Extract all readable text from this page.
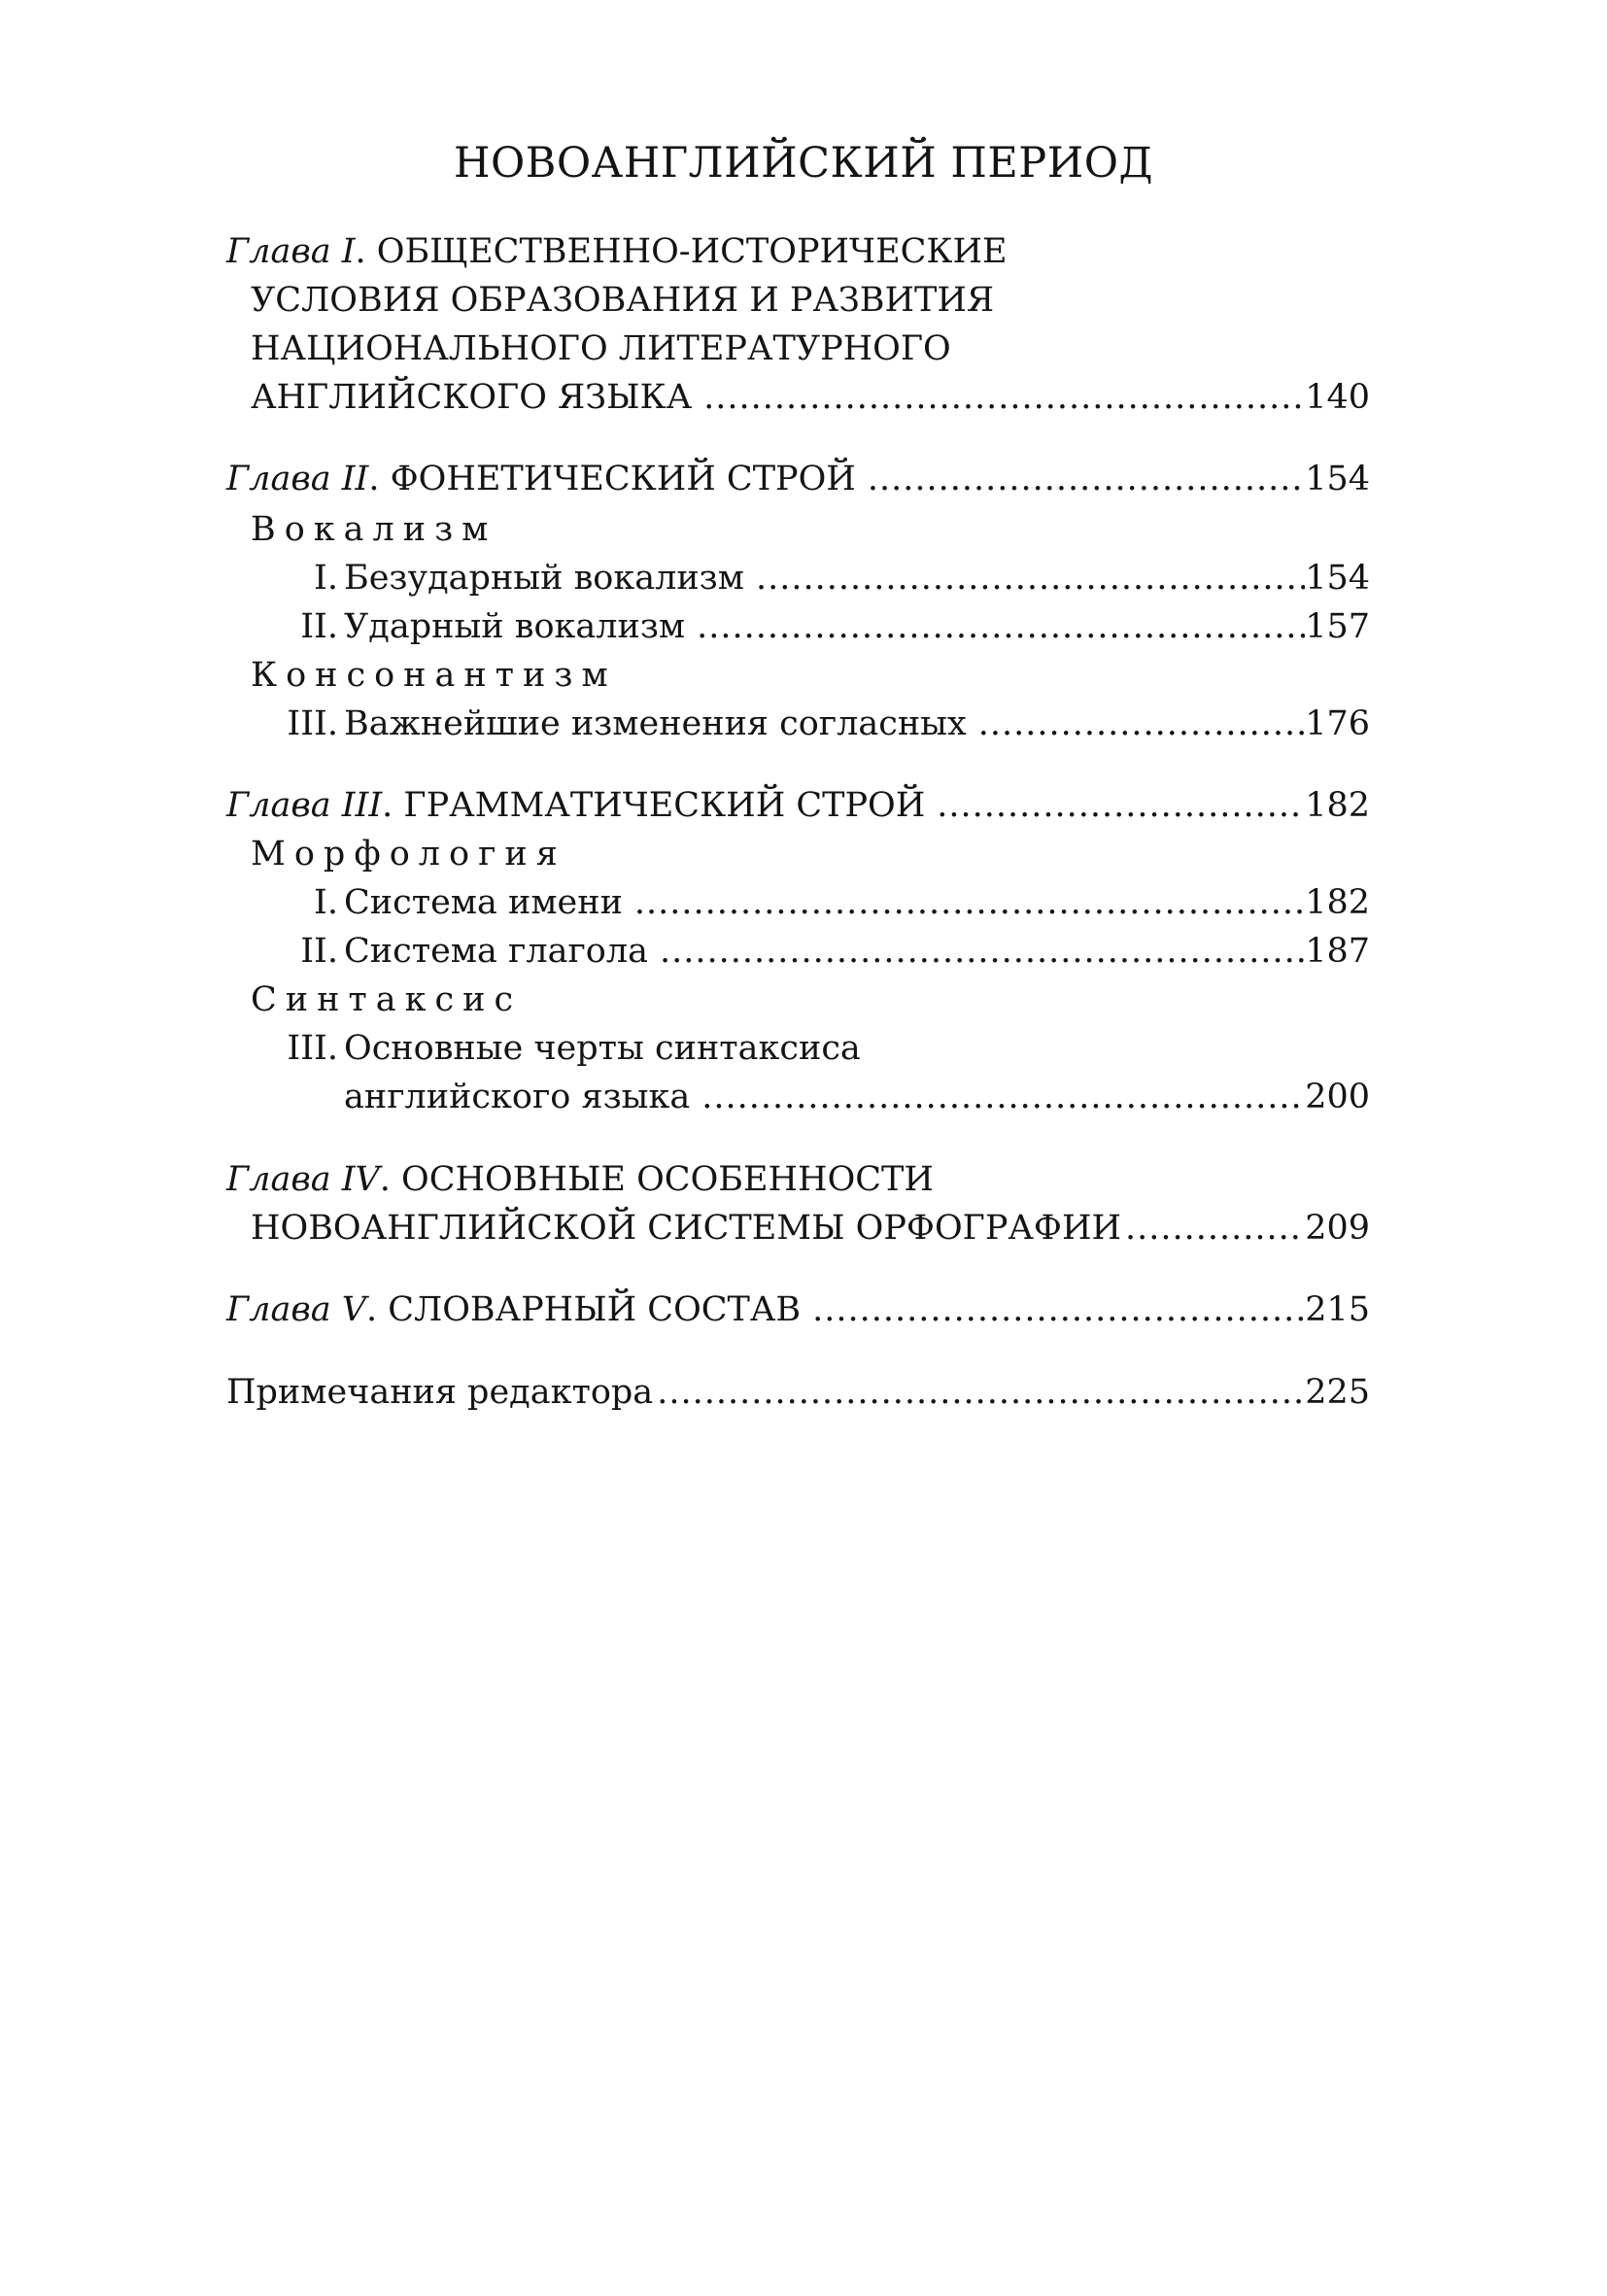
НОВОАНГЛИЙСКИЙ ПЕРИОД
Глава I. ОБЩЕСТВЕННО-ИСТОРИЧЕСКИЕ
УСЛОВИЯ ОБРАЗОВАНИЯ И РАЗВИТИЯ
НАЦИОНАЛЬНОГО ЛИТЕРАТУРНОГО
АНГЛИЙСКОГО ЯЗЫКА .....	140
Глава II. ФОНЕТИЧЕСКИЙ СТРОЙ .....	154
Вокализм
I. Безударный вокализм .....	154
II. Ударный вокализм .....	157
Консонантизм
III. Важнейшие изменения согласных .....	176
Глава III. ГРАММАТИЧЕСКИЙ СТРОЙ .....	182
Морфология
I. Система имени .....	182
II. Система глагола .....	187
Синтаксис
III. Основные черты синтаксиса
английского языка .....	200
Глава IV. ОСНОВНЫЕ ОСОБЕННОСТИ
НОВОАНГЛИЙСКОЙ СИСТЕМЫ ОРФОГРАФИИ .....	209
Глава V. СЛОВАРНЫЙ СОСТАВ .....	215
Примечания редактора .....	225
